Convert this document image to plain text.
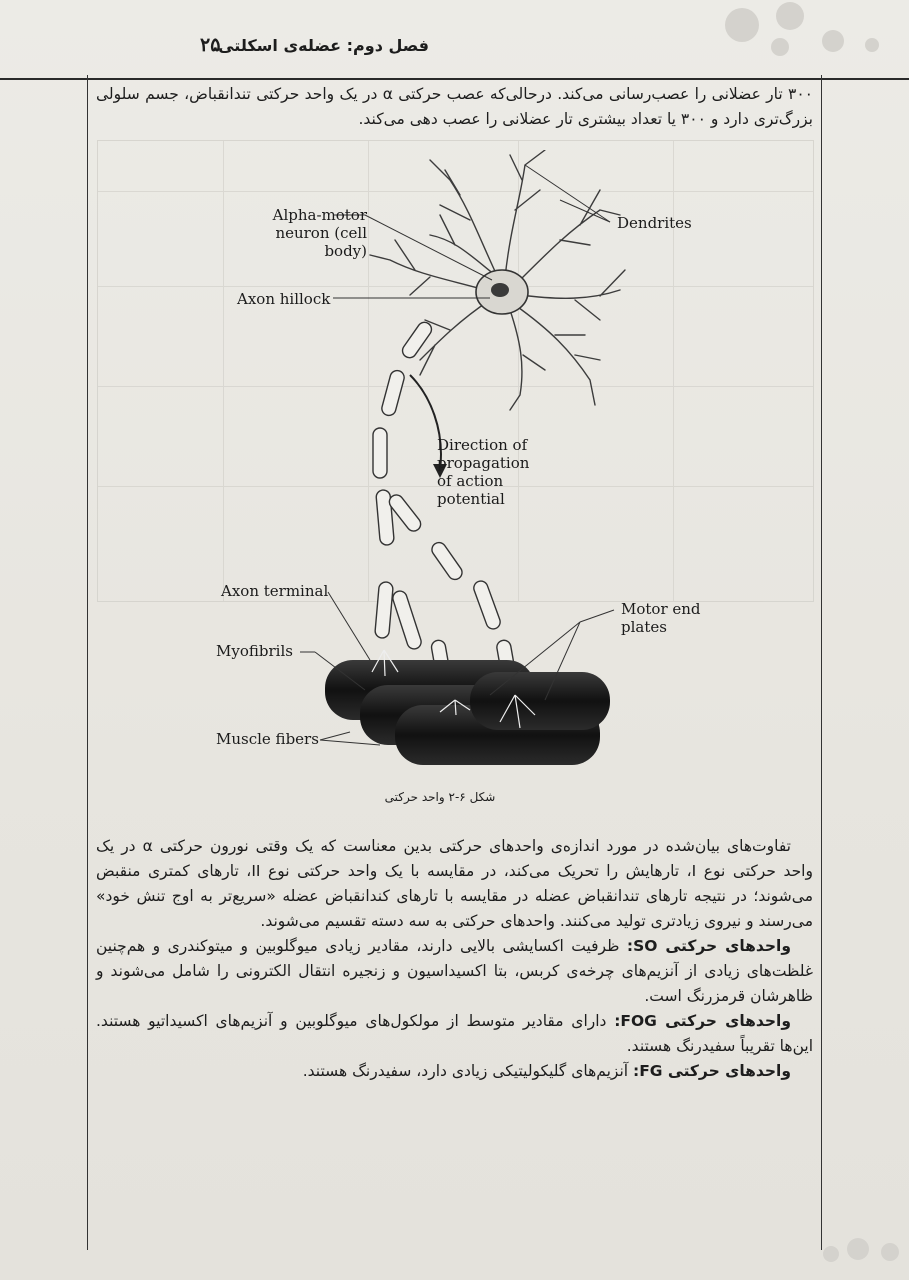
فصل دوم: عضله‌ی اسکلتی
۲۵
۳۰۰ تار عضلانی را عصب‌رسانی می‌کند. درحالی‌که عصب حرکتی α در یک واحد حرکتی تندانقباض، جسم سلولی بزرگ‌تری دارد و ۳۰۰ یا تعداد بیشتری تار عضلانی را عصب دهی می‌کند.
Alpha-motor
neuron (cell body)
Dendrites
Axon hillock
Direction of
propagation
of action
potential
Axon terminal
Motor end
plates
Myofibrils
Muscle fibers
شکل ۶-۲ واحد حرکتی

تفاوت‌های بیان‌شده در مورد اندازه‌ی واحدهای حرکتی بدین معناست که یک وقتی نورون حرکتی α در یک واحد حرکتی نوع I، تارهایش را تحریک می‌کند، در مقایسه با یک واحد حرکتی نوع II، تارهای کمتری منقبض می‌شوند؛ در نتیجه تارهای تندانقباض عضله در مقایسه با تارهای کندانقباض عضله «سریع‌تر به اوج تنش خود» می‌رسند و نیروی زیادتری تولید می‌کنند. واحدهای حرکتی به سه دسته تقسیم می‌شوند.

واحدهای حرکتی SO: ظرفیت اکسایشی بالایی دارند، مقادیر زیادی میوگلوبین و میتوکندری و هم‌چنین غلظت‌های زیادی از آنزیم‌های چرخه‌ی کربس، بتا اکسیداسیون و زنجیره انتقال الکترونی را شامل می‌شوند و ظاهرشان قرمزرنگ است.

واحدهای حرکتی FOG: دارای مقادیر متوسط از مولکول‌های میوگلوبین و آنزیم‌های اکسیداتیو هستند. این‌ها تقریباً سفیدرنگ هستند.

واحدهای حرکتی FG: آنزیم‌های گلیکولیتیکی زیادی دارد، سفیدرنگ هستند.
